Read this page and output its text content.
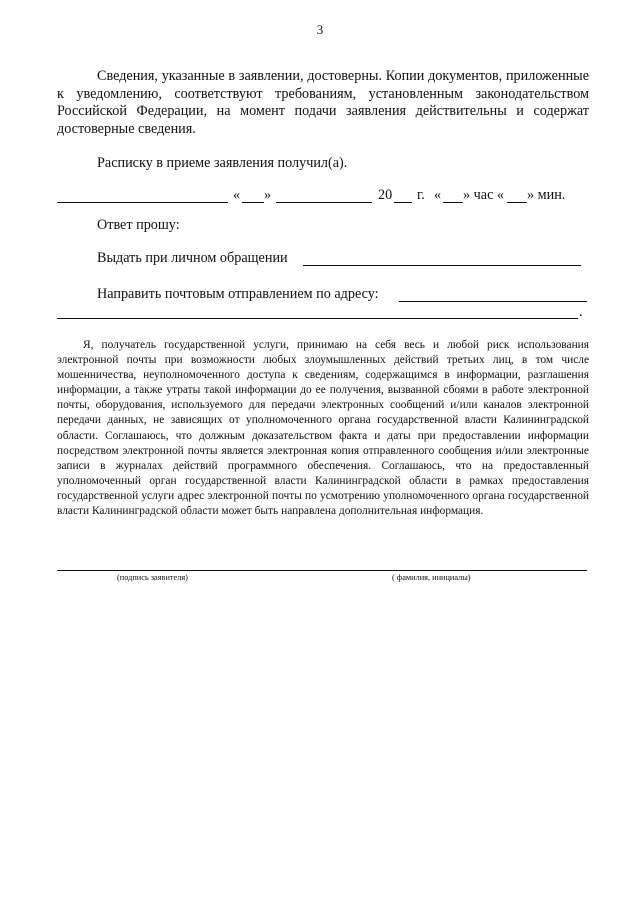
3
Сведения, указанные в заявлении, достоверны. Копии документов, приложенные к уведомлению, соответствуют требованиям, установленным законодательством Российской Федерации, на момент подачи заявления действительны и содержат достоверные сведения.
Расписку в приеме заявления получил(а).
« »	20 г. « » час « » мин.
Ответ прошу:
Выдать при личном обращении
Направить почтовым отправлением по адресу:
.
Я, получатель государственной услуги, принимаю на себя весь и любой риск использования электронной почты при возможности любых злоумышленных действий третьих лиц, в том числе мошенничества, неуполномоченного доступа к сведениям, содержащимся в информации, разглашения информации, а также утраты такой информации до ее получения, вызванной сбоями в работе электронной почты, оборудования, используемого для передачи электронных сообщений и/или каналов электронной передачи данных, не зависящих от уполномоченного органа государственной власти Калининградской области. Соглашаюсь, что должным доказательством факта и даты при предоставлении информации посредством электронной почты является электронная копия отправленного сообщения и/или электронные записи в журналах действий программного обеспечения. Соглашаюсь, что на предоставленный уполномоченный орган государственной власти Калининградской области в рамках предоставления государственной услуги адрес электронной почты по усмотрению уполномоченного органа государственной власти Калининградской области может быть направлена дополнительная информация.
(подпись заявителя)	( фамилия, инициалы)
